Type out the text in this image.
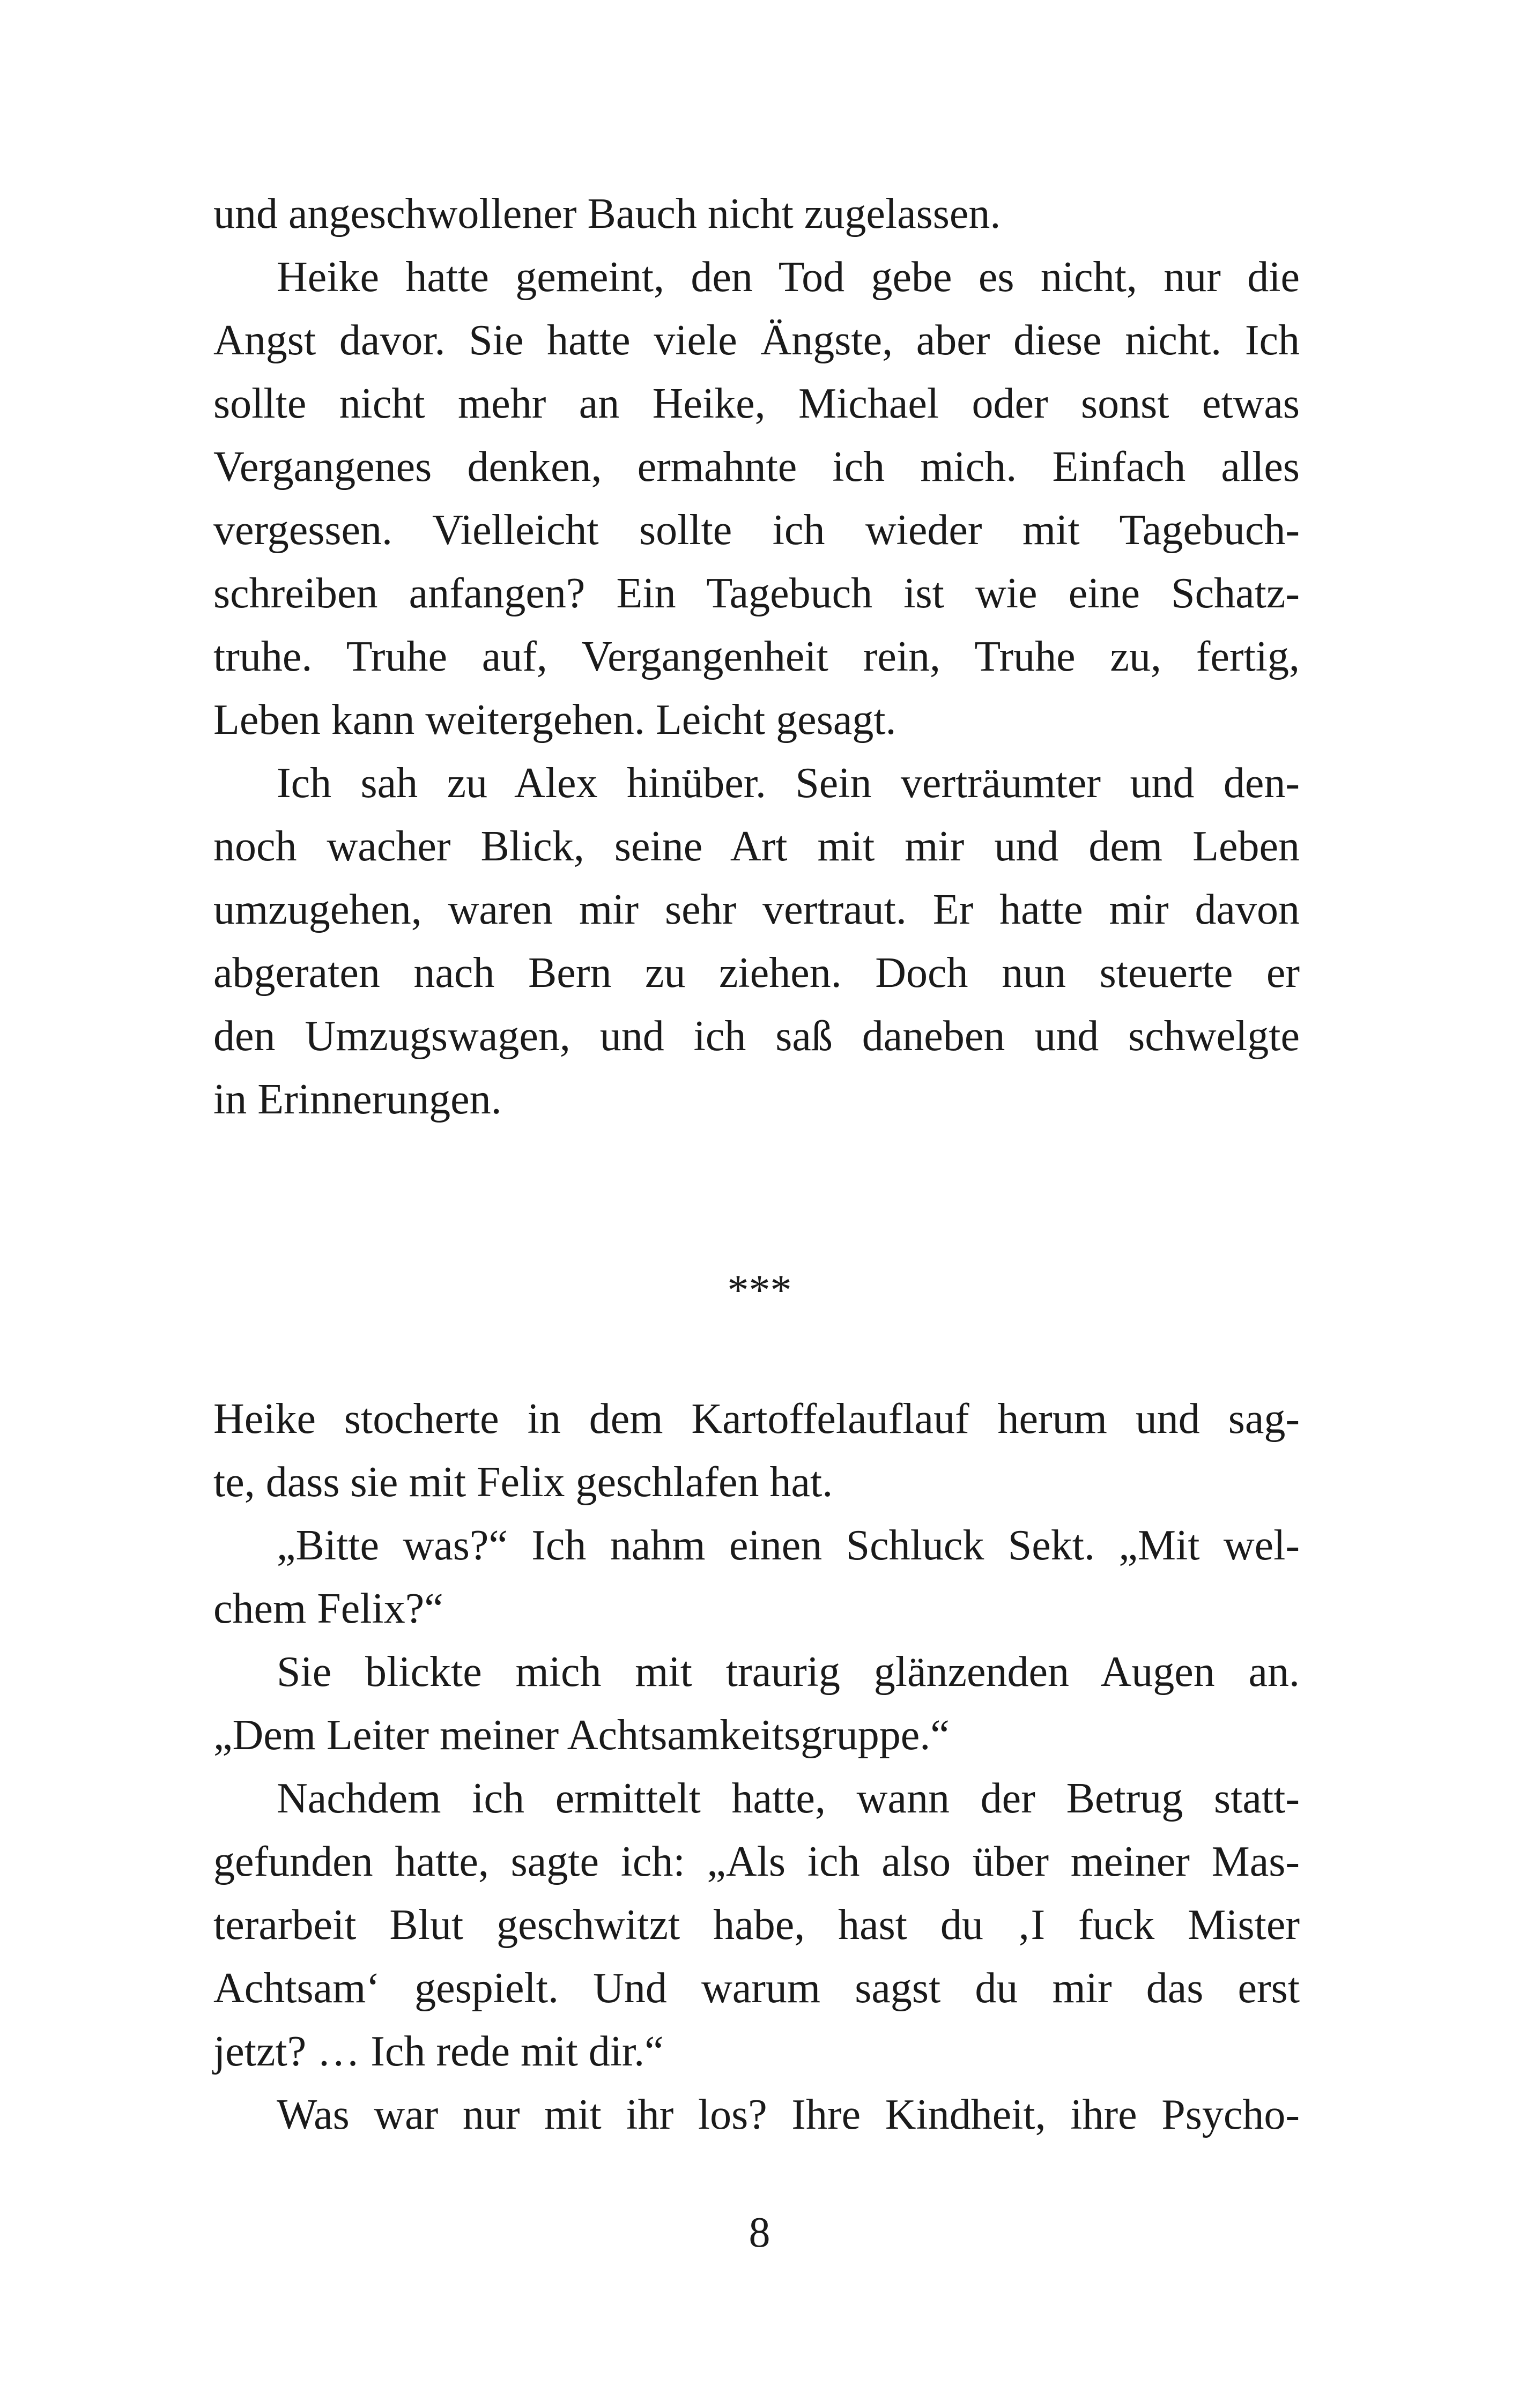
und angeschwollener Bauch nicht zugelassen.
Heike hatte gemeint, den Tod gebe es nicht, nur die
Angst davor. Sie hatte viele Ängste, aber diese nicht. Ich
sollte nicht mehr an Heike, Michael oder sonst etwas
Vergangenes denken, ermahnte ich mich. Einfach alles
vergessen. Vielleicht sollte ich wieder mit Tagebuch-
schreiben anfangen? Ein Tagebuch ist wie eine Schatz-
truhe. Truhe auf, Vergangenheit rein, Truhe zu, fertig,
Leben kann weitergehen. Leicht gesagt.
Ich sah zu Alex hinüber. Sein verträumter und den-
noch wacher Blick, seine Art mit mir und dem Leben
umzugehen, waren mir sehr vertraut. Er hatte mir davon
abgeraten nach Bern zu ziehen. Doch nun steuerte er
den Umzugswagen, und ich saß daneben und schwelgte
in Erinnerungen.
***
Heike stocherte in dem Kartoffelauflauf herum und sag-
te, dass sie mit Felix geschlafen hat.
„Bitte was?“ Ich nahm einen Schluck Sekt. „Mit wel-
chem Felix?“
Sie blickte mich mit traurig glänzenden Augen an.
„Dem Leiter meiner Achtsamkeitsgruppe.“
Nachdem ich ermittelt hatte, wann der Betrug statt-
gefunden hatte, sagte ich: „Als ich also über meiner Mas-
terarbeit Blut geschwitzt habe, hast du ‚I fuck Mister
Achtsam‘ gespielt. Und warum sagst du mir das erst
jetzt? … Ich rede mit dir.“
Was war nur mit ihr los? Ihre Kindheit, ihre Psycho-
8
